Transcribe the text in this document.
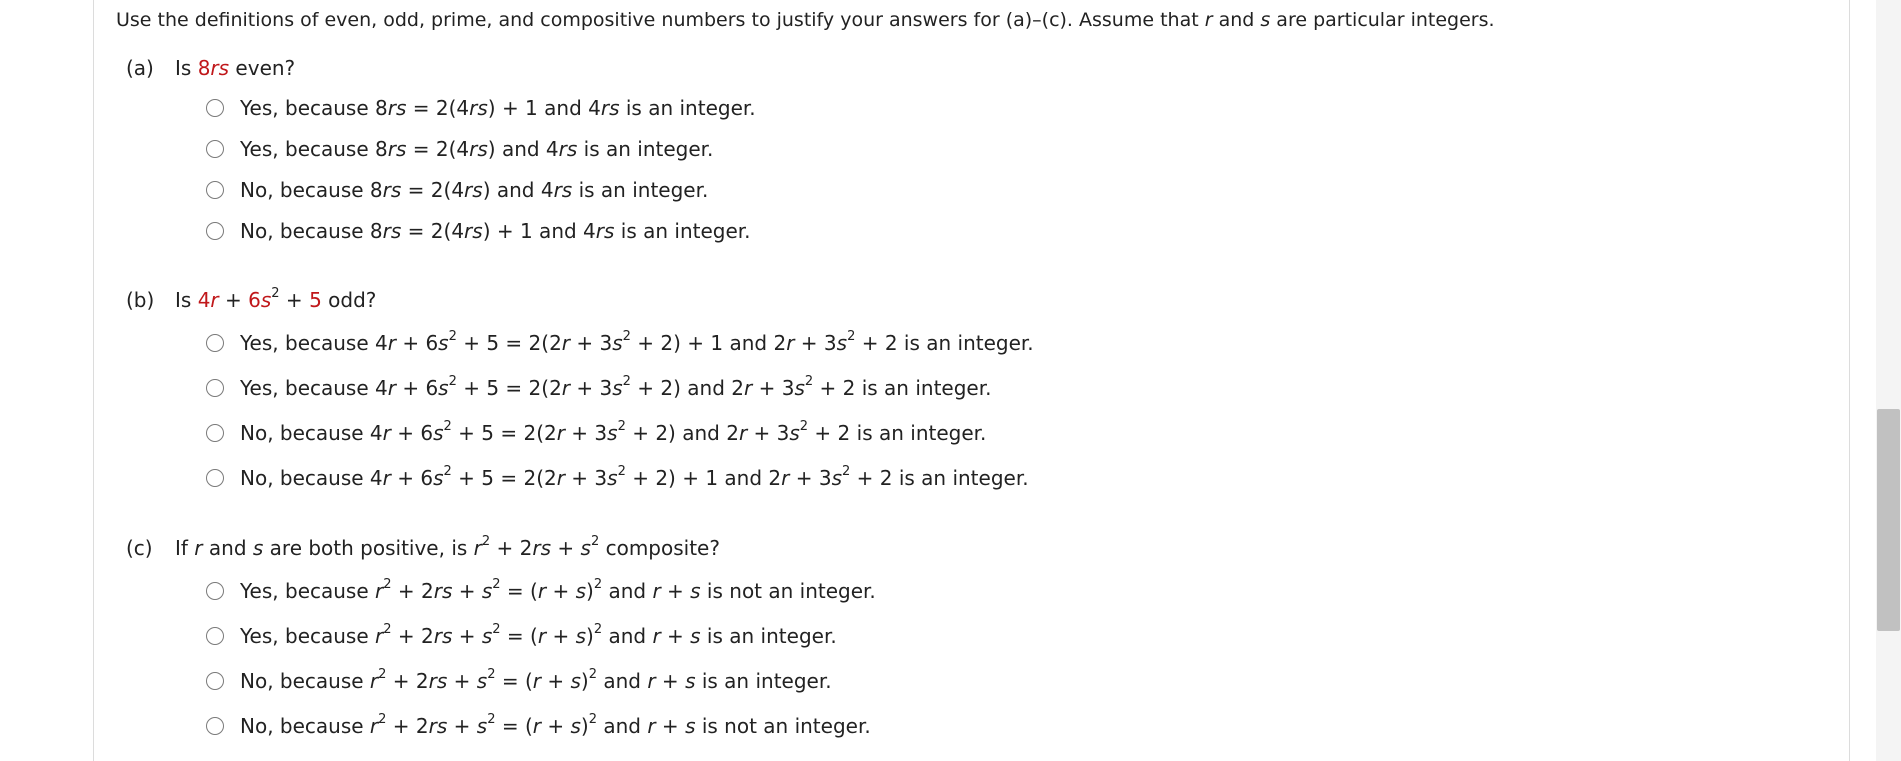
Use the definitions of even, odd, prime, and compositive numbers to justify your answers for (a)–(c). Assume that r and s are particular integers.
(a) Is 8rs even?
Yes, because 8rs = 2(4rs) + 1 and 4rs is an integer.
Yes, because 8rs = 2(4rs) and 4rs is an integer.
No, because 8rs = 2(4rs) and 4rs is an integer.
No, because 8rs = 2(4rs) + 1 and 4rs is an integer.
(b) Is $4r + 6s^2 + 5$ odd?
Yes, because $4r + 6s^2 + 5 = 2(2r + 3s^2 + 2) + 1$ and $2r + 3s^2 + 2$ is an integer.
Yes, because $4r + 6s^2 + 5 = 2(2r + 3s^2 + 2)$ and $2r + 3s^2 + 2$ is an integer.
No, because $4r + 6s^2 + 5 = 2(2r + 3s^2 + 2)$ and $2r + 3s^2 + 2$ is an integer.
No, because $4r + 6s^2 + 5 = 2(2r + 3s^2 + 2) + 1$ and $2r + 3s^2 + 2$ is an integer.
(c) If r and s are both positive, is $r^2 + 2rs + s^2$ composite?
Yes, because $r^2 + 2rs + s^2 = (r + s)^2$ and r + s is not an integer.
Yes, because $r^2 + 2rs + s^2 = (r + s)^2$ and r + s is an integer.
No, because $r^2 + 2rs + s^2 = (r + s)^2$ and r + s is an integer.
No, because $r^2 + 2rs + s^2 = (r + s)^2$ and r + s is not an integer.
